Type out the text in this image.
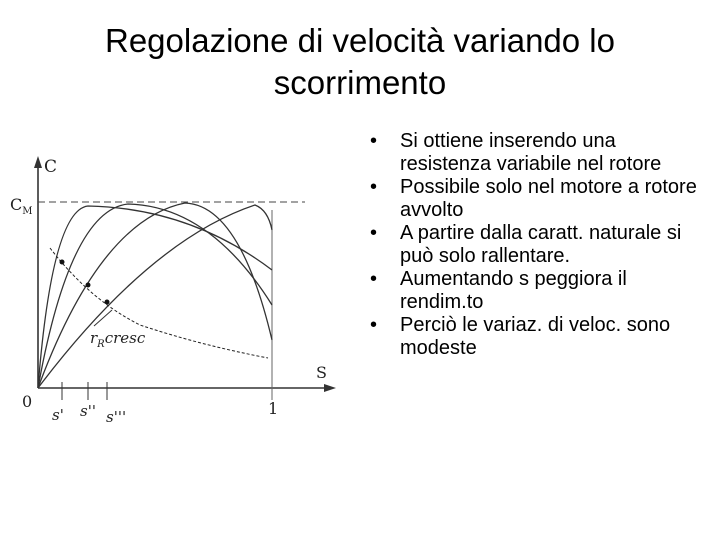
Regolazione di velocità variando lo
scorrimento
C
$C_M$
S
0	1
s' s'' s'''
$r_Rcresc$
• Si ottiene inserendo una resistenza variabile nel rotore
• Possibile solo nel motore a rotore avvolto
• A partire dalla caratt. naturale si può solo rallentare.
• Aumentando s peggiora il rendim.to
• Perciò le variaz. di veloc. sono modeste
